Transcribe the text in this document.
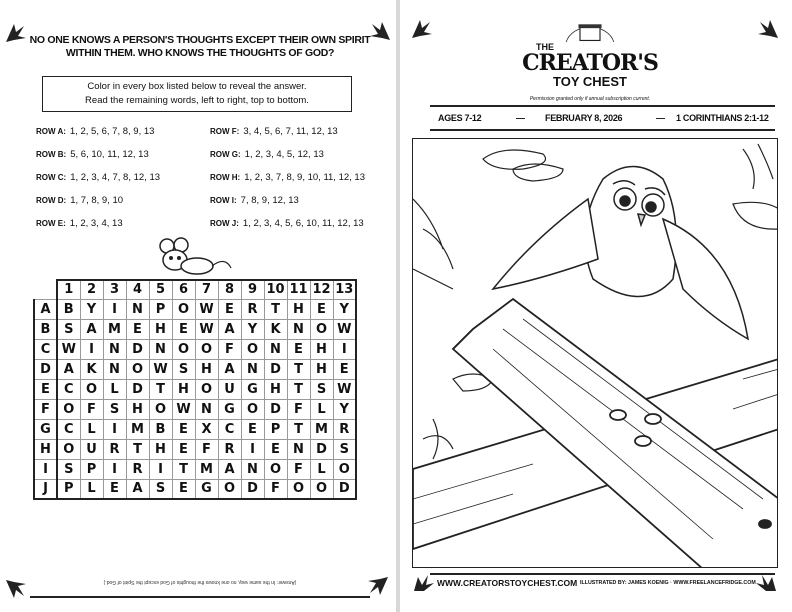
NO ONE KNOWS A PERSON'S THOUGHTS EXCEPT THEIR OWN SPIRIT WITHIN THEM. WHO KNOWS THE THOUGHTS OF GOD?
Color in every box listed below to reveal the answer.
Read the remaining words, left to right, top to bottom.
ROW A: 1, 2, 5, 6, 7, 8, 9, 13
ROW B: 5, 6, 10, 11, 12, 13
ROW C: 1, 2, 3, 4, 7, 8, 12, 13
ROW D: 1, 7, 8, 9, 10
ROW E: 1, 2, 3, 4, 13
ROW F: 3, 4, 5, 6, 7, 11, 12, 13
ROW G: 1, 2, 3, 4, 5, 12, 13
ROW H: 1, 2, 3, 7, 8, 9, 10, 11, 12, 13
ROW I: 7, 8, 9, 12, 13
ROW J: 1, 2, 3, 4, 5, 6, 10, 11, 12, 13
	1	2	3	4	5	6	7	8	9	10	11	12	13
A	B	Y	I	N	P	O	W	E	R	T	H	E	Y
B	S	A	M	E	H	E	W	A	Y	K	N	O	W
C	W	I	N	D	N	O	O	F	O	N	E	H	I
D	A	K	N	O	W	S	H	A	N	D	T	H	E
E	C	O	L	D	T	H	O	U	G	H	T	S	W
F	O	F	S	H	O	W	N	G	O	D	F	L	Y
G	C	L	I	M	B	E	X	C	E	P	T	M	R
H	O	U	R	T	H	E	F	R	I	E	N	D	S
I	S	P	I	R	I	T	M	A	N	O	F	L	O
J	P	L	E	A	S	E	G	O	D	F	O	O	D
(Answer: In the same way, no one knows the thoughts of God except the Spirit of God.)
THE
CREATOR'S
TOY CHEST
Permission granted only if annual subscription current.
AGES 7-12	— FEBRUARY 8, 2026	— 1 CORINTHIANS 2:1-12
WWW.CREATORSTOYCHEST.COM ILLUSTRATED BY: JAMES KOENIG · WWW.FREELANCEFRIDGE.COM
